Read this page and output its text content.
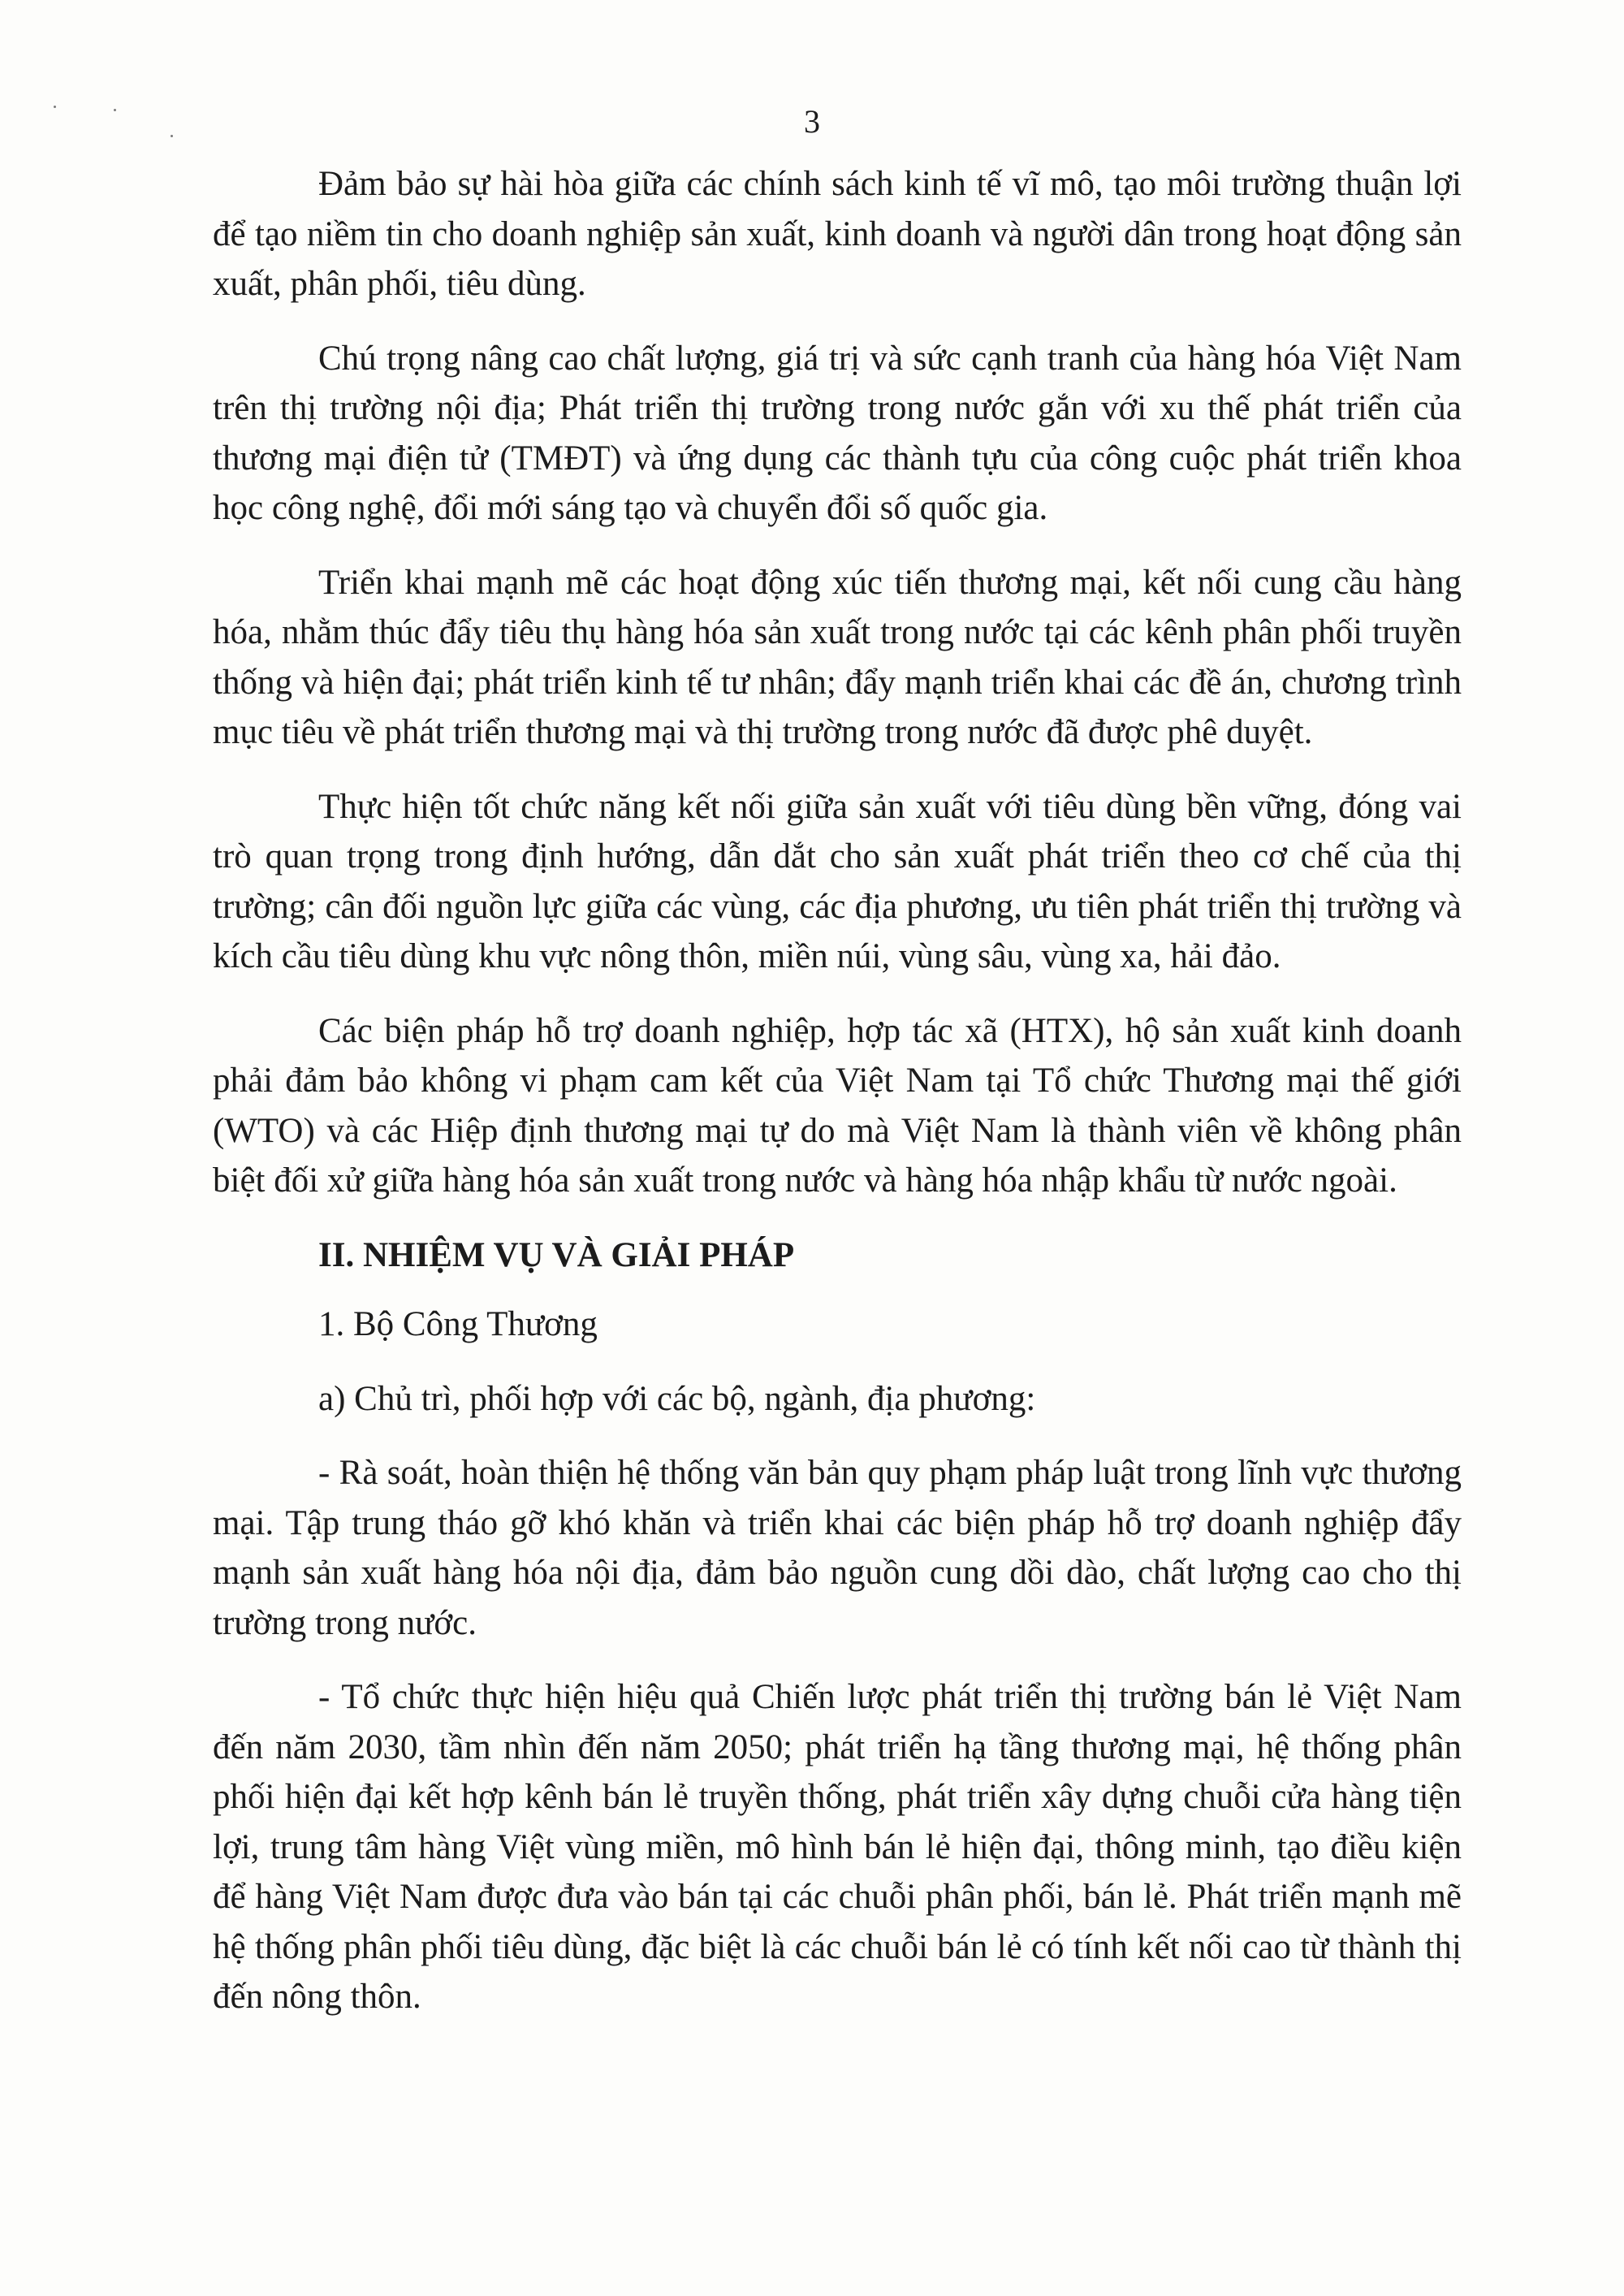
3

Đảm bảo sự hài hòa giữa các chính sách kinh tế vĩ mô, tạo môi trường thuận lợi để tạo niềm tin cho doanh nghiệp sản xuất, kinh doanh và người dân trong hoạt động sản xuất, phân phối, tiêu dùng.

Chú trọng nâng cao chất lượng, giá trị và sức cạnh tranh của hàng hóa Việt Nam trên thị trường nội địa; Phát triển thị trường trong nước gắn với xu thế phát triển của thương mại điện tử (TMĐT) và ứng dụng các thành tựu của công cuộc phát triển khoa học công nghệ, đổi mới sáng tạo và chuyển đổi số quốc gia.

Triển khai mạnh mẽ các hoạt động xúc tiến thương mại, kết nối cung cầu hàng hóa, nhằm thúc đẩy tiêu thụ hàng hóa sản xuất trong nước tại các kênh phân phối truyền thống và hiện đại; phát triển kinh tế tư nhân; đẩy mạnh triển khai các đề án, chương trình mục tiêu về phát triển thương mại và thị trường trong nước đã được phê duyệt.

Thực hiện tốt chức năng kết nối giữa sản xuất với tiêu dùng bền vững, đóng vai trò quan trọng trong định hướng, dẫn dắt cho sản xuất phát triển theo cơ chế của thị trường; cân đối nguồn lực giữa các vùng, các địa phương, ưu tiên phát triển thị trường và kích cầu tiêu dùng khu vực nông thôn, miền núi, vùng sâu, vùng xa, hải đảo.

Các biện pháp hỗ trợ doanh nghiệp, hợp tác xã (HTX), hộ sản xuất kinh doanh phải đảm bảo không vi phạm cam kết của Việt Nam tại Tổ chức Thương mại thế giới (WTO) và các Hiệp định thương mại tự do mà Việt Nam là thành viên về không phân biệt đối xử giữa hàng hóa sản xuất trong nước và hàng hóa nhập khẩu từ nước ngoài.

II. NHIỆM VỤ VÀ GIẢI PHÁP

1. Bộ Công Thương

a) Chủ trì, phối hợp với các bộ, ngành, địa phương:

- Rà soát, hoàn thiện hệ thống văn bản quy phạm pháp luật trong lĩnh vực thương mại. Tập trung tháo gỡ khó khăn và triển khai các biện pháp hỗ trợ doanh nghiệp đẩy mạnh sản xuất hàng hóa nội địa, đảm bảo nguồn cung dồi dào, chất lượng cao cho thị trường trong nước.

- Tổ chức thực hiện hiệu quả Chiến lược phát triển thị trường bán lẻ Việt Nam đến năm 2030, tầm nhìn đến năm 2050; phát triển hạ tầng thương mại, hệ thống phân phối hiện đại kết hợp kênh bán lẻ truyền thống, phát triển xây dựng chuỗi cửa hàng tiện lợi, trung tâm hàng Việt vùng miền, mô hình bán lẻ hiện đại, thông minh, tạo điều kiện để hàng Việt Nam được đưa vào bán tại các chuỗi phân phối, bán lẻ. Phát triển mạnh mẽ hệ thống phân phối tiêu dùng, đặc biệt là các chuỗi bán lẻ có tính kết nối cao từ thành thị đến nông thôn.
